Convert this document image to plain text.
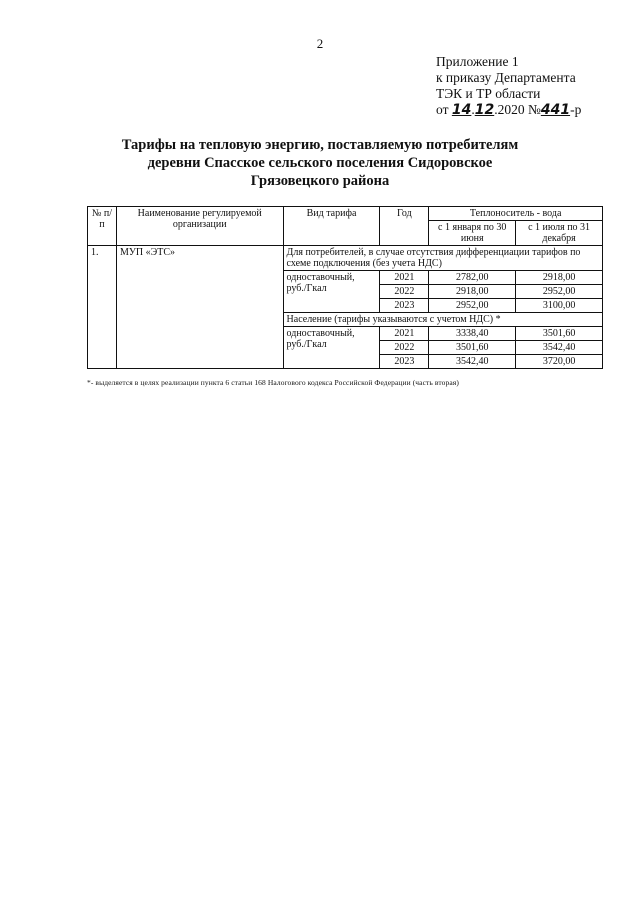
2
Приложение 1
к приказу Департамента
ТЭК и ТР области
от 14.12.2020 №441-р
Тарифы на тепловую энергию, поставляемую потребителям
деревни Спасское сельского поселения Сидоровское
Грязовецкого района
№ п/п	Наименование регулируемой организации	Вид тарифа	Год	Теплоноситель - вода	
				с 1 января по 30 июня	с 1 июля по 31 декабря
1.	МУП «ЭТС»	Для потребителей, в случае отсутствия дифференциации тарифов по схеме подключения (без учета НДС)			
		одноставочный, руб./Гкал	2021	2782,00	2918,00
			2022	2918,00	2952,00
			2023	2952,00	3100,00
		Население (тарифы указываются с учетом НДС) *			
		одноставочный, руб./Гкал	2021	3338,40	3501,60
			2022	3501,60	3542,40
			2023	3542,40	3720,00
*- выделяется в целях реализации пункта 6 статьи 168 Налогового кодекса Российской Федерации (часть вторая)
